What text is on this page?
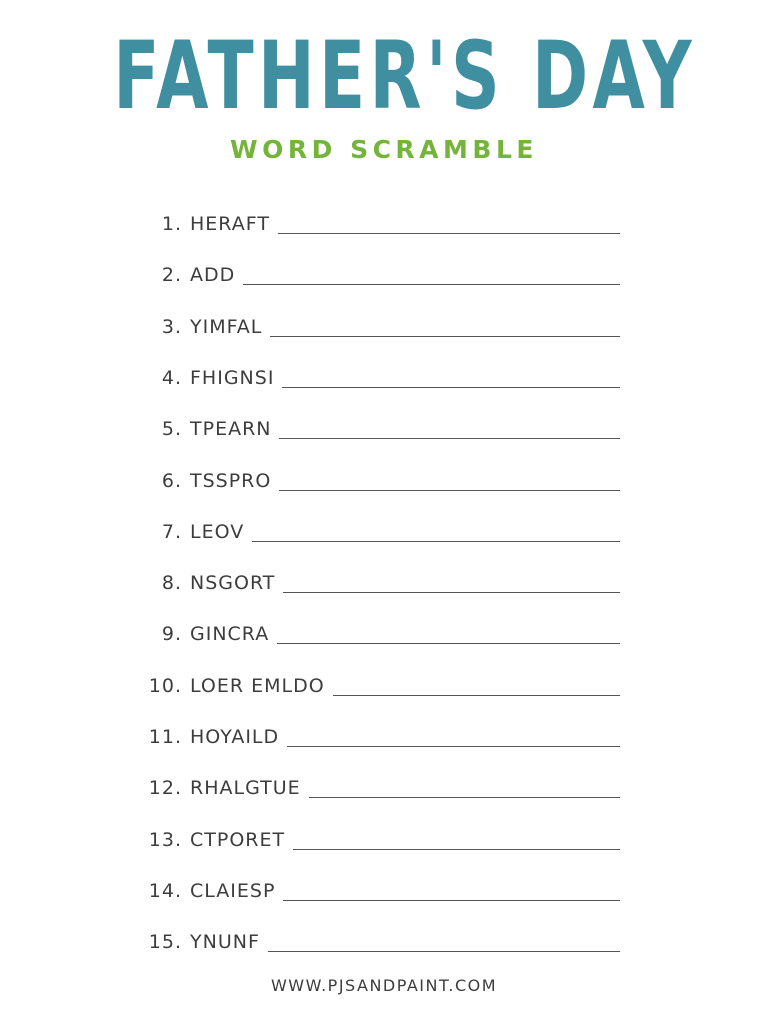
FATHER'S DAY
WORD SCRAMBLE
1. HERAFT
2. ADD
3. YIMFAL
4. FHIGNSI
5. TPEARN
6. TSSPRO
7. LEOV
8. NSGORT
9. GINCRA
10. LOER EMLDO
11. HOYAILD
12. RHALGTUE
13. CTPORET
14. CLAIESP
15. YNUNF
WWW.PJSANDPAINT.COM
